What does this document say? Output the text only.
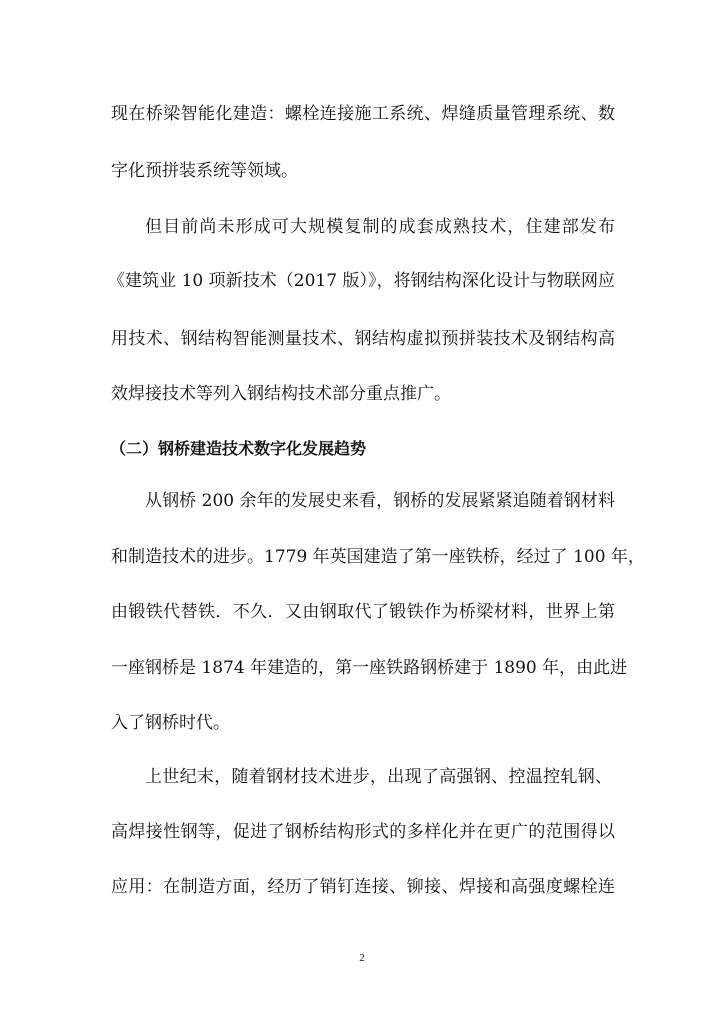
现在桥梁智能化建造：螺栓连接施工系统、焊缝质量管理系统、数

字化预拼装系统等领域。

但目前尚未形成可大规模复制的成套成熟技术，住建部发布

《建筑业 10 项新技术（2017 版）》，将钢结构深化设计与物联网应

用技术、钢结构智能测量技术、钢结构虚拟预拼装技术及钢结构高

效焊接技术等列入钢结构技术部分重点推广。

（二）钢桥建造技术数字化发展趋势

从钢桥 200 余年的发展史来看，钢桥的发展紧紧追随着钢材料

和制造技术的进步。1779 年英国建造了第一座铁桥，经过了 100 年，

由锻铁代替铁．不久．又由钢取代了锻铁作为桥梁材料，世界上第

一座钢桥是 1874 年建造的，第一座铁路钢桥建于 1890 年，由此进

入了钢桥时代。

上世纪末，随着钢材技术进步，出现了高强钢、控温控轧钢、

高焊接性钢等，促进了钢桥结构形式的多样化并在更广的范围得以

应用：在制造方面，经历了销钉连接、铆接、焊接和高强度螺栓连

2
